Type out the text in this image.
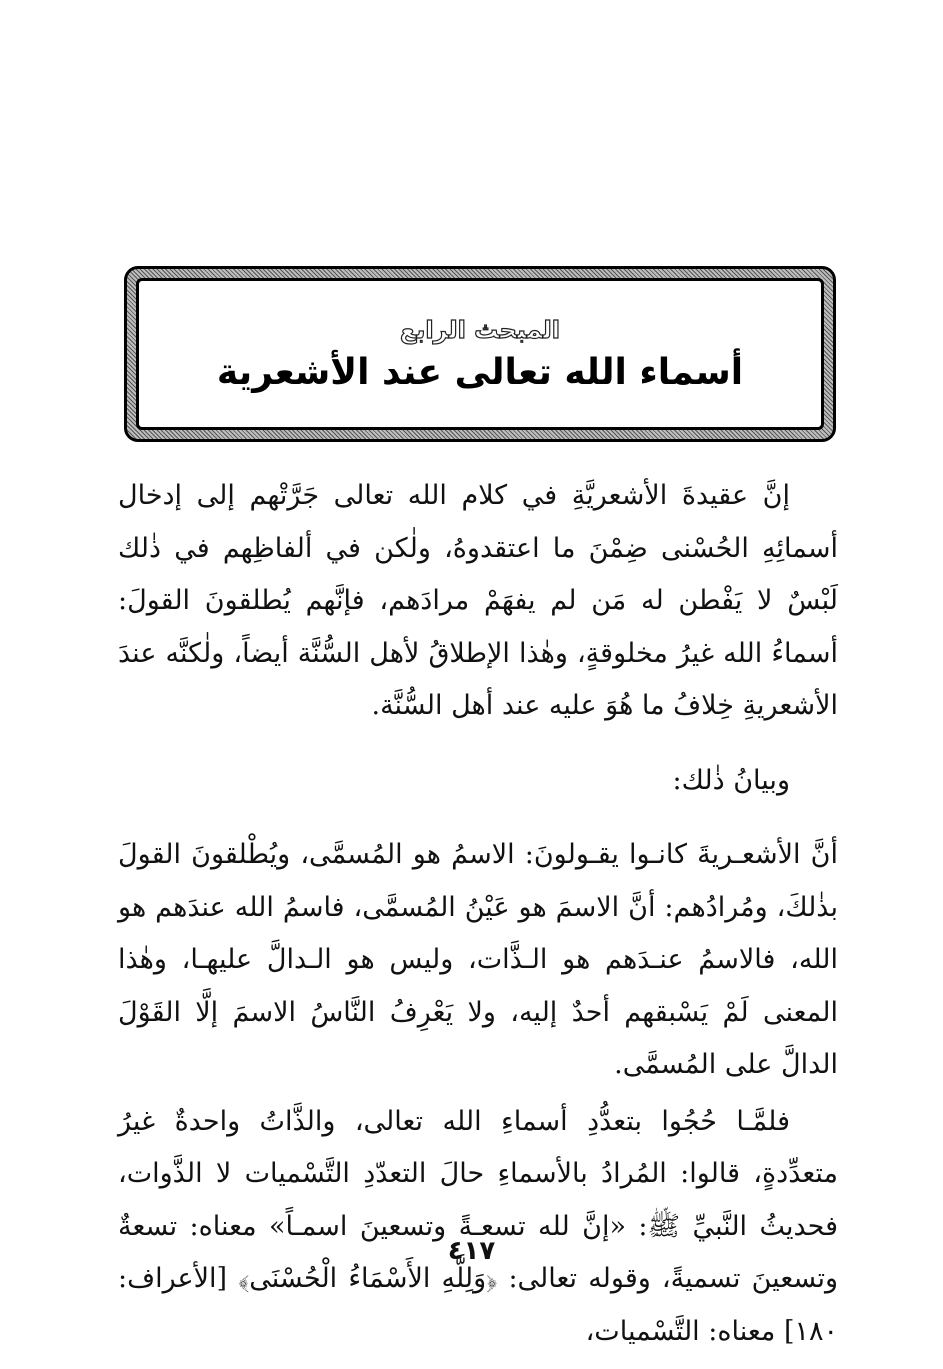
المبحث الرابع
أسماء الله تعالى عند الأشعرية

إنَّ عقيدةَ الأشعريَّةِ في كلام الله تعالى جَرَّتْهم إلى إدخال أسمائِهِ الحُسْنى ضِمْنَ ما اعتقدوهُ، ولٰكن في ألفاظِهم في ذٰلك لَبْسٌ لا يَفْطن له مَن لم يفهَمْ مرادَهم، فإنَّهم يُطلقونَ القولَ: أسماءُ الله غيرُ مخلوقةٍ، وهٰذا الإطلاقُ لأهل السُّنَّة أيضاً، ولٰكنَّه عندَ الأشعريةِ خِلافُ ما هُوَ عليه عند أهل السُّنَّة.

وبيانُ ذٰلك:

أنَّ الأشعـريةَ كانـوا يقـولونَ: الاسمُ هو المُسمَّى، ويُطْلقونَ القولَ بذٰلكَ، ومُرادُهم: أنَّ الاسمَ هو عَيْنُ المُسمَّى، فاسمُ الله عندَهم هو الله، فالاسمُ عنـدَهم هو الـذَّات، وليس هو الـدالَّ عليهـا، وهٰذا المعنى لَمْ يَسْبقهم أحدٌ إليه، ولا يَعْرِفُ النَّاسُ الاسمَ إلَّا القَوْلَ الدالَّ على المُسمَّى.

فلمَّـا حُجُوا بتعدُّدِ أسماءِ الله تعالى، والذَّاتُ واحدةٌ غيرُ متعدِّدةٍ، قالوا: المُرادُ بالأسماءِ حالَ التعدّدِ التَّسْميات لا الذَّوات، فحديثُ النَّبيِّ ﷺ: «إنَّ لله تسعـةً وتسعينَ اسمـاً» معناه: تسعةٌ وتسعينَ تسميةً، وقوله تعالى: ﴿وَلِلَّهِ الأَسْمَاءُ الْحُسْنَى﴾ [الأعراف: ١٨٠] معناه: التَّسْميات،

٤١٧
